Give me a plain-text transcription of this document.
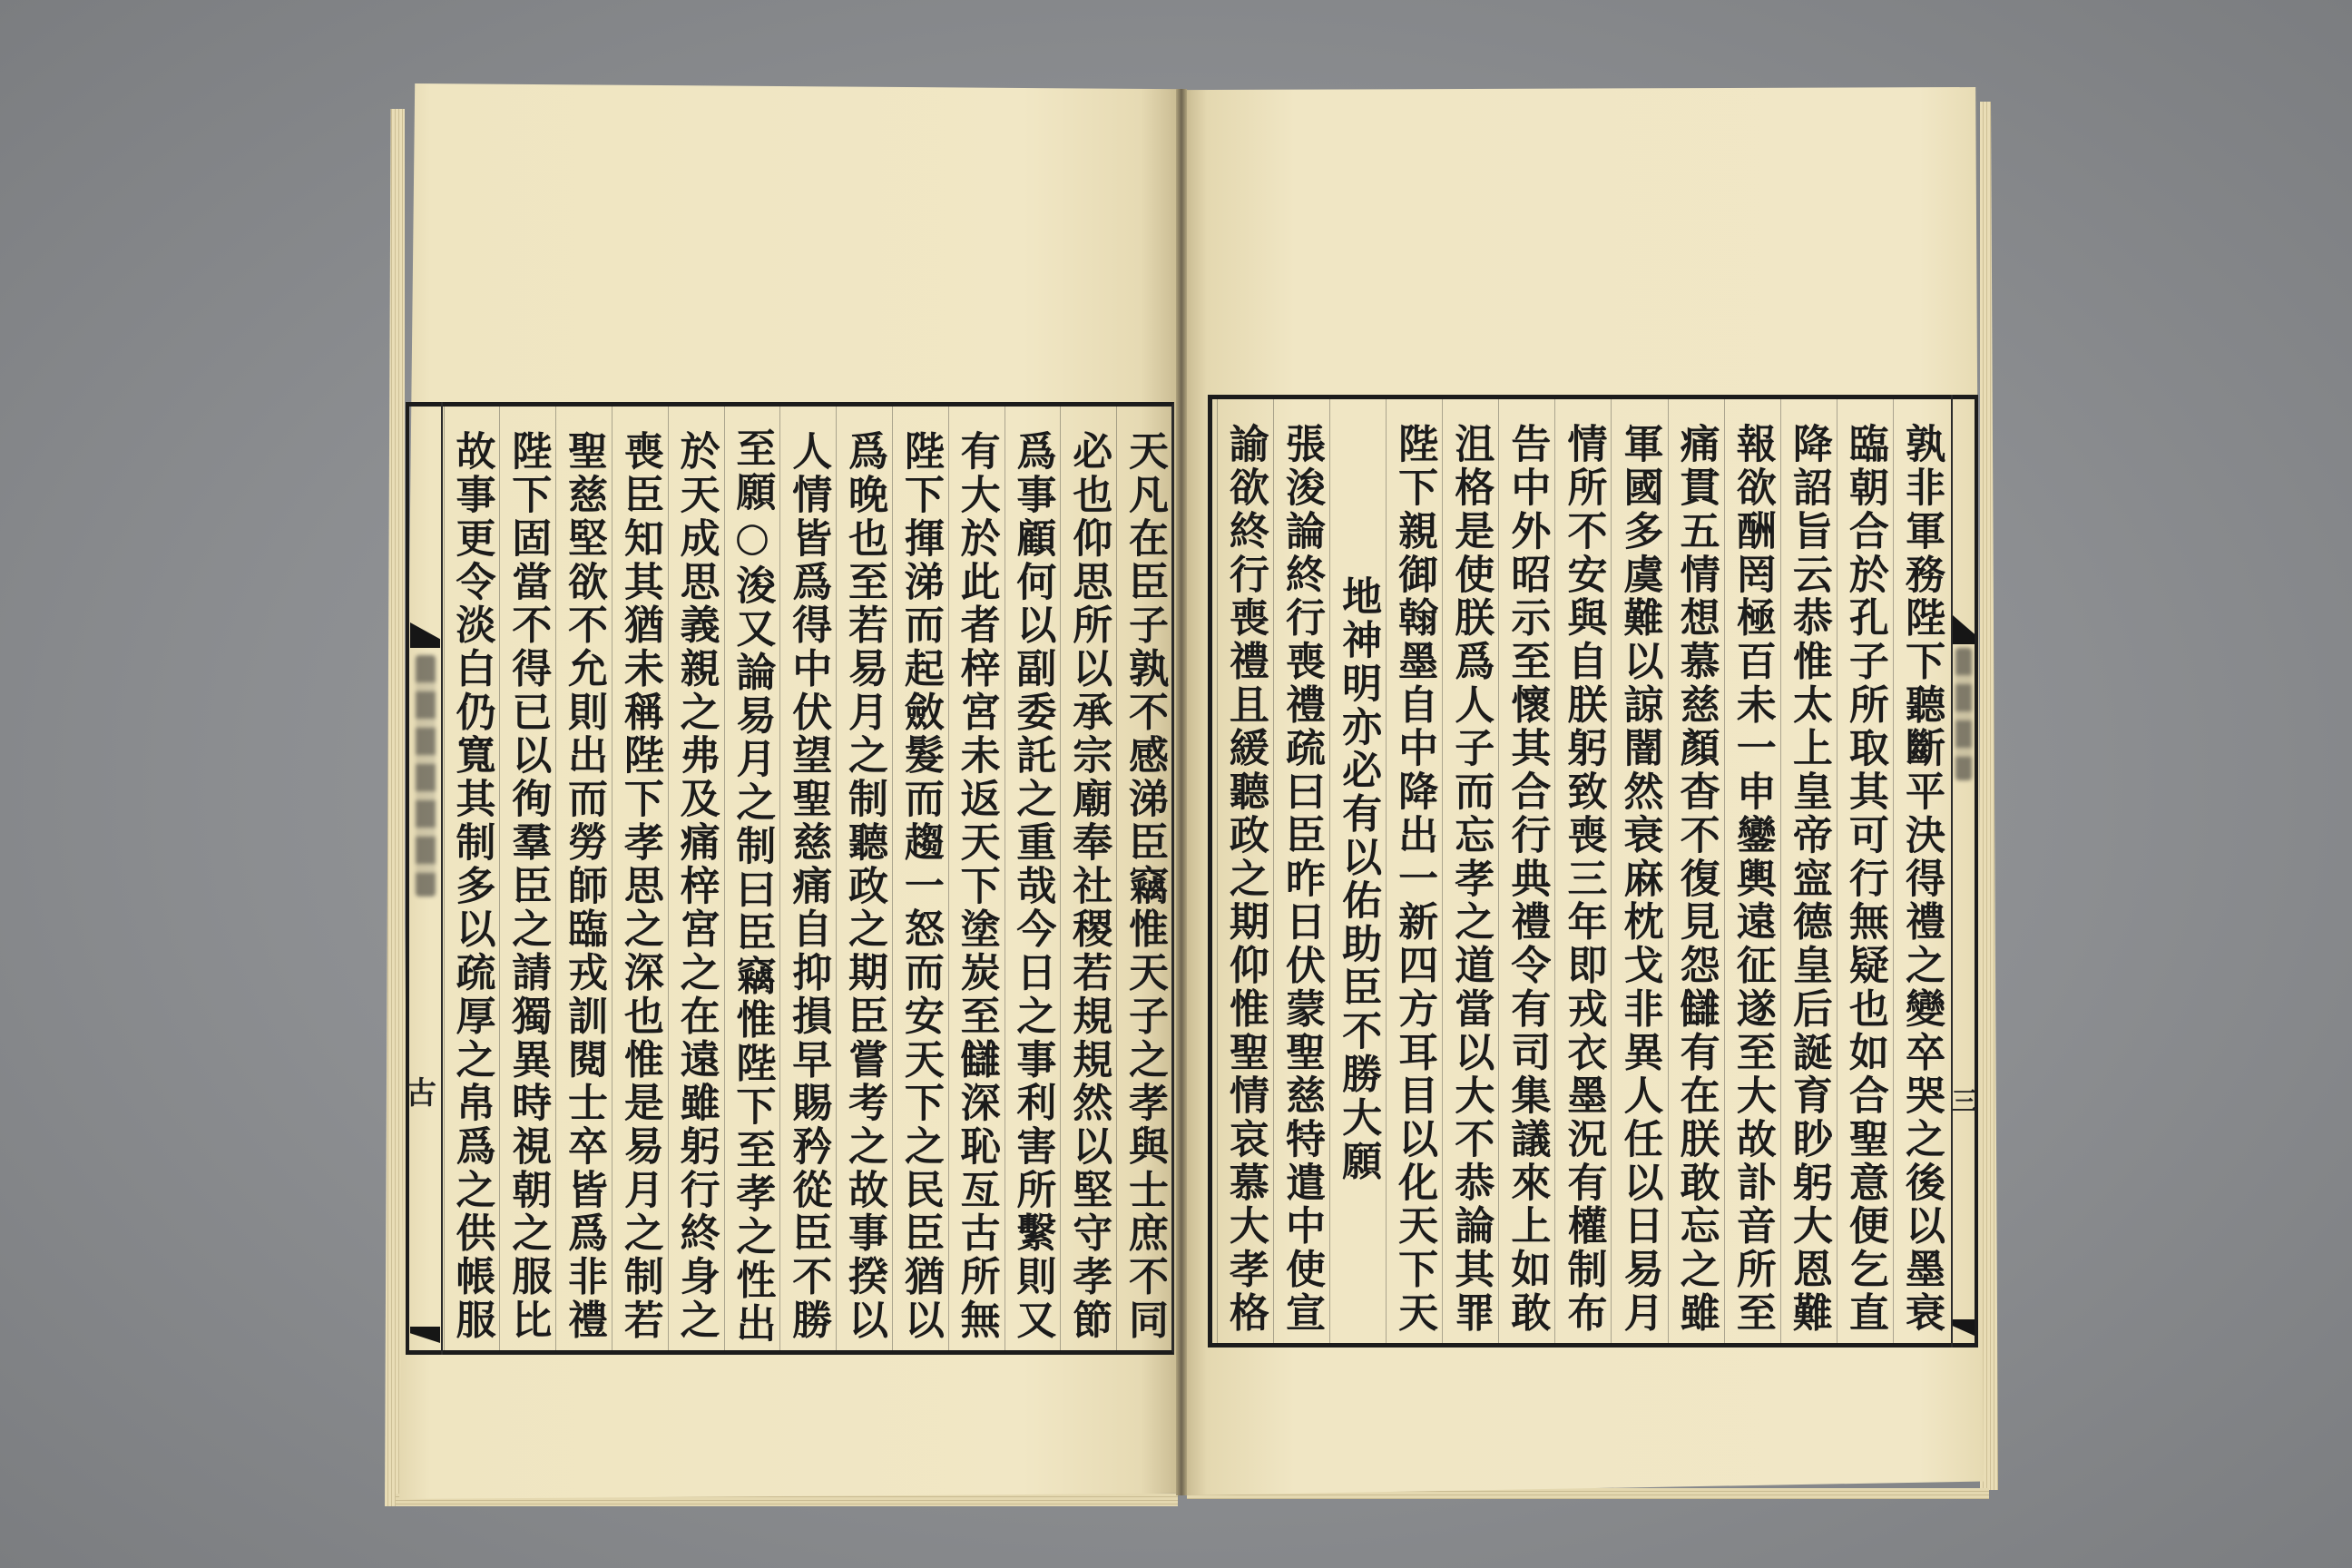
古	天凡在臣子孰不感涕臣竊惟天子之孝與士庶不同
必也仰思所以承宗廟奉社稷若規規然以堅守孝節
爲事顧何以副委託之重哉今日之事利害所繫則又
有大於此者梓宮未返天下塗炭至讎深恥亙古所無
陛下揮涕而起斂髮而趨一怒而安天下之民臣猶以
爲晚也至若易月之制聽政之期臣嘗考之故事揆以
人情皆爲得中伏望聖慈痛自抑損早賜矜從臣不勝
至願○浚又論易月之制曰臣竊惟陛下至孝之性出
於天成思義親之弗及痛梓宮之在遠雖躬行終身之
喪臣知其猶未稱陛下孝思之深也惟是易月之制若
聖慈堅欲不允則出而勞師臨戎訓閱士卒皆爲非禮
陛下固當不得已以徇羣臣之請獨異時視朝之服比
故事更令淡白仍寬其制多以疏厚之帛爲之供帳服	三
孰非軍務陛下聽斷平決得禮之變卒哭之後以墨衰
臨朝合於孔子所取其可行無疑也如合聖意便乞直
降詔旨云恭惟太上皇帝寍德皇后誕育眇躬大恩難
報欲酬罔極百未一申鑾輿遠征遂至大故訃音所至
痛貫五情想慕慈顏杳不復見怨讎有在朕敢忘之雖
軍國多虞難以諒闇然衰麻枕戈非異人任以日易月
情所不安與自朕躬致喪三年即戎衣墨況有權制布
告中外昭示至懷其合行典禮令有司集議來上如敢
沮格是使朕爲人子而忘孝之道當以大不恭論其罪
陛下親御翰墨自中降出一新四方耳目以化天下天
地神明亦必有以佑助臣不勝大願
張浚論終行喪禮疏曰臣昨日伏蒙聖慈特遣中使宣
諭欲終行喪禮且緩聽政之期仰惟聖情哀慕大孝格
